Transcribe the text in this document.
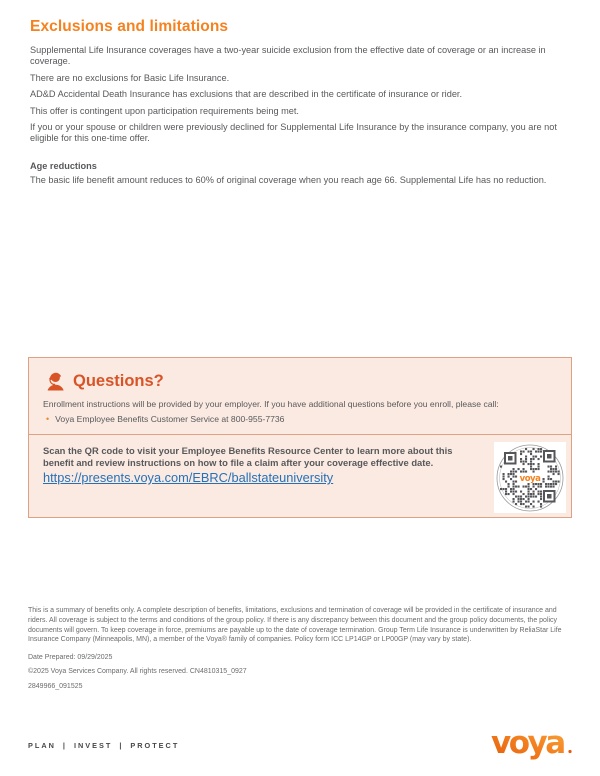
Exclusions and limitations

Supplemental Life Insurance coverages have a two-year suicide exclusion from the effective date of coverage or an increase in coverage.

There are no exclusions for Basic Life Insurance.

AD&D Accidental Death Insurance has exclusions that are described in the certificate of insurance or rider.

This offer is contingent upon participation requirements being met.

If you or your spouse or children were previously declined for Supplemental Life Insurance by the insurance company, you are not eligible for this one-time offer.

Age reductions

The basic life benefit amount reduces to 60% of original coverage when you reach age 66. Supplemental Life has no reduction.

Questions?

Enrollment instructions will be provided by your employer. If you have additional questions before you enroll, please call:

• Voya Employee Benefits Customer Service at 800-955-7736

Scan the QR code to visit your Employee Benefits Resource Center to learn more about this benefit and review instructions on how to file a claim after your coverage effective date.

https://presents.voya.com/EBRC/ballstateuniversity	voya

This is a summary of benefits only. A complete description of benefits, limitations, exclusions and termination of coverage will be provided in the certificate of insurance and riders. All coverage is subject to the terms and conditions of the group policy. If there is any discrepancy between this document and the group policy documents, the policy documents will govern. To keep coverage in force, premiums are payable up to the date of coverage termination. Group Term Life Insurance is underwritten by ReliaStar Life Insurance Company (Minneapolis, MN), a member of the Voya® family of companies. Policy form ICC LP14GP or LP00GP (may vary by state).

Date Prepared: 09/29/2025

©2025 Voya Services Company. All rights reserved. CN4810315_0927

2849966_091525

PLAN | INVEST | PROTECT	voya
